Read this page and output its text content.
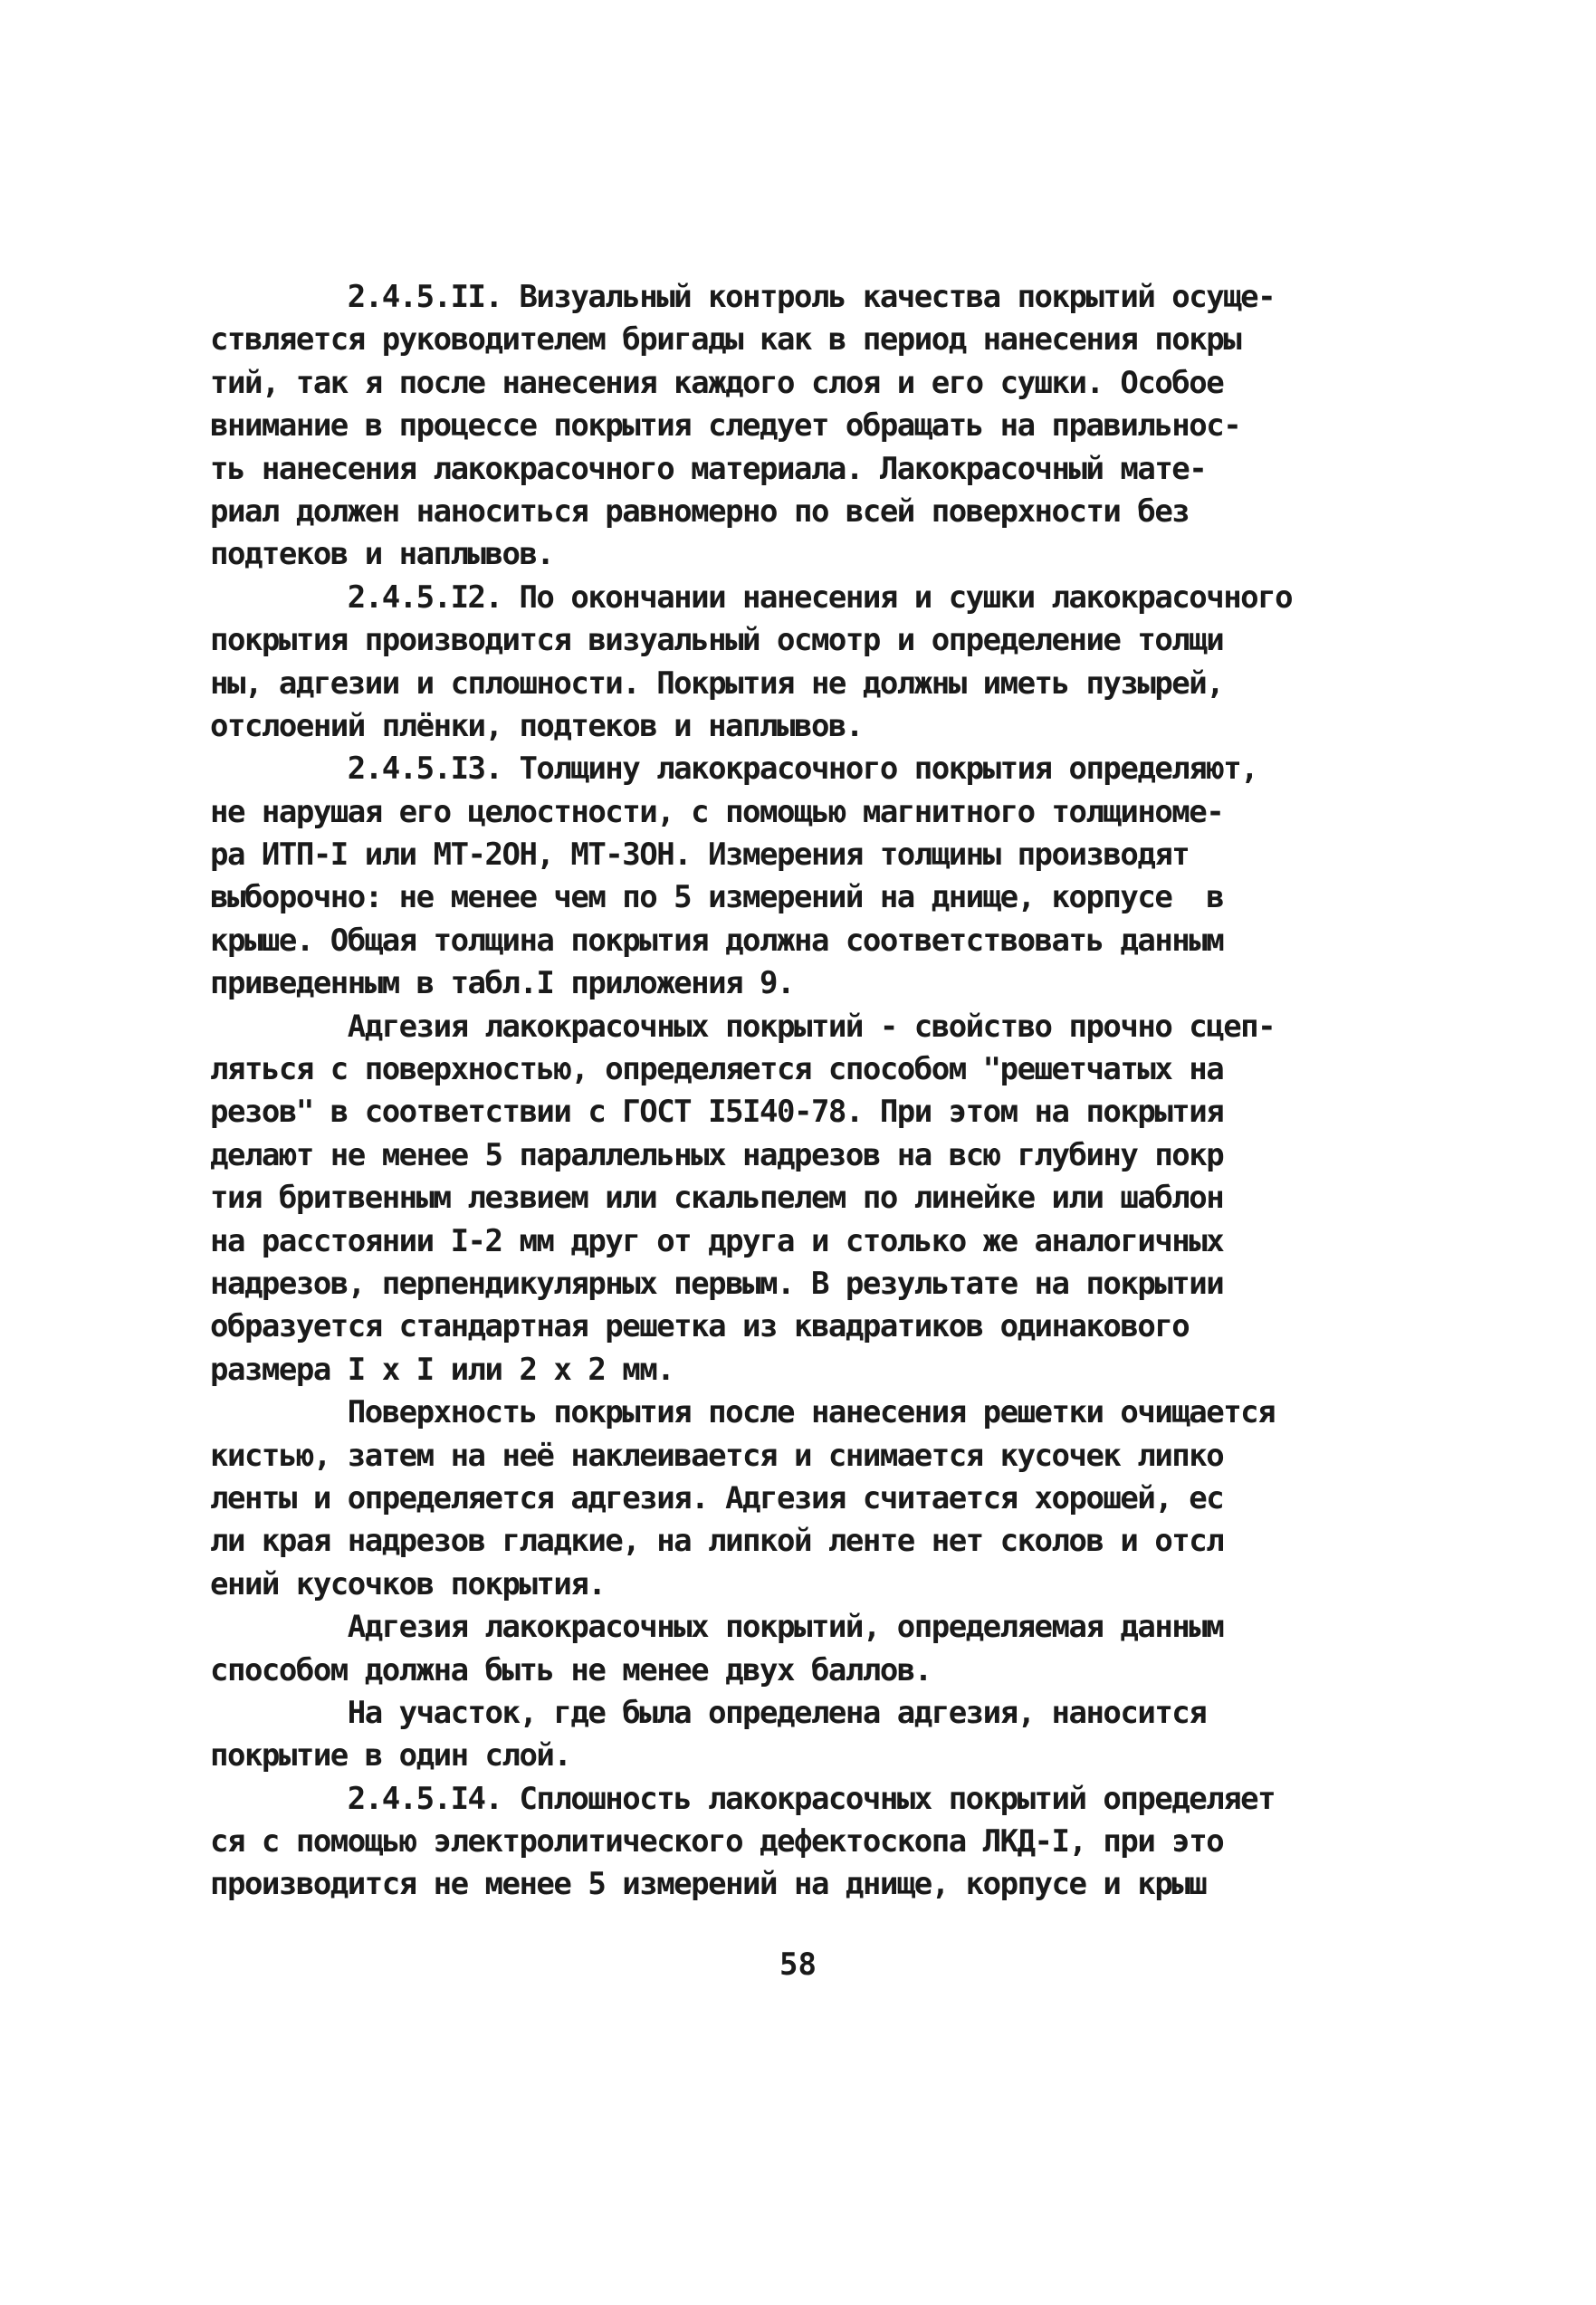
2.4.5.II. Визуальный контроль качества покрытий осуще-
ствляется руководителем бригады как в период нанесения покры
тий, так я после нанесения каждого слоя и его сушки. Особое
внимание в процессе покрытия следует обращать на правильнос-
ть нанесения лакокрасочного материала. Лакокрасочный мате-
риал должен наноситься равномерно по всей поверхности без
подтеков и наплывов.
2.4.5.I2. По окончании нанесения и сушки лакокрасочного
покрытия производится визуальный осмотр и определение толщи
ны, адгезии и сплошности. Покрытия не должны иметь пузырей,
отслоений плёнки, подтеков и наплывов.
2.4.5.I3. Толщину лакокрасочного покрытия определяют,
не нарушая его целостности, с помощью магнитного толщиноме-
ра ИТП-I или МТ-2ОН, МТ-3ОН. Измерения толщины производят
выборочно: не менее чем по 5 измерений на днище, корпусе  в
крыше. Общая толщина покрытия должна соответствовать данным
приведенным в табл.I приложения 9.
Адгезия лакокрасочных покрытий - свойство прочно сцеп-
ляться с поверхностью, определяется способом "решетчатых на
резов" в соответствии с ГОСТ I5I40-78. При этом на покрытия
делают не менее 5 параллельных надрезов на всю глубину покр
тия бритвенным лезвием или скальпелем по линейке или шаблон
на расстоянии I-2 мм друг от друга и столько же аналогичных
надрезов, перпендикулярных первым. В результате на покрытии
образуется стандартная решетка из квадратиков одинакового
размера I х I или 2 х 2 мм.
Поверхность покрытия после нанесения решетки очищается
кистью, затем на неё наклеивается и снимается кусочек липко
ленты и определяется адгезия. Адгезия считается хорошей, ес
ли края надрезов гладкие, на липкой ленте нет сколов и отсл
ений кусочков покрытия.
Адгезия лакокрасочных покрытий, определяемая данным
способом должна быть не менее двух баллов.
На участок, где была определена адгезия, наносится
покрытие в один слой.
2.4.5.I4. Сплошность лакокрасочных покрытий определяет
ся с помощью электролитического дефектоскопа ЛКД-I, при это
производится не менее 5 измерений на днище, корпусе и крыш
58
